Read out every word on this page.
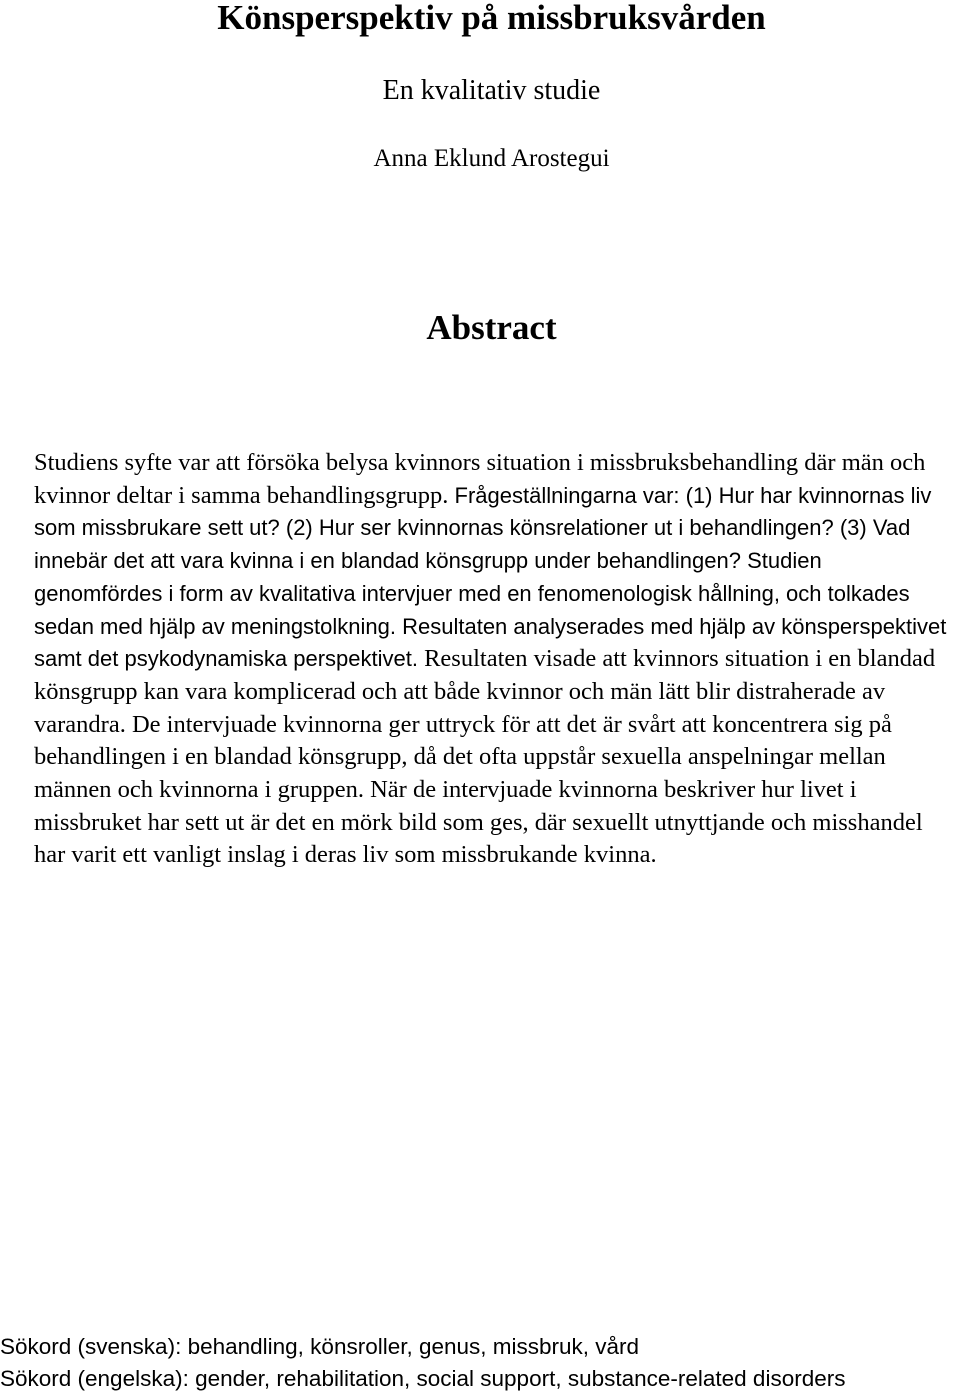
Könsperspektiv på missbruksvården
En kvalitativ studie
Anna Eklund Arostegui
Abstract

Studiens syfte var att försöka belysa kvinnors situation i missbruksbehandling där män och kvinnor deltar i samma behandlingsgrupp. Frågeställningarna var: (1) Hur har kvinnornas liv som missbrukare sett ut? (2) Hur ser kvinnornas könsrelationer ut i behandlingen? (3) Vad innebär det att vara kvinna i en blandad könsgrupp under behandlingen? Studien genomfördes i form av kvalitativa intervjuer med en fenomenologisk hållning, och tolkades sedan med hjälp av meningstolkning. Resultaten analyserades med hjälp av könsperspektivet samt det psykodynamiska perspektivet. Resultaten visade att kvinnors situation i en blandad könsgrupp kan vara komplicerad och att både kvinnor och män lätt blir distraherade av varandra. De intervjuade kvinnorna ger uttryck för att det är svårt att koncentrera sig på behandlingen i en blandad könsgrupp, då det ofta uppstår sexuella anspelningar mellan männen och kvinnorna i gruppen. När de intervjuade kvinnorna beskriver hur livet i missbruket har sett ut är det en mörk bild som ges, där sexuellt utnyttjande och misshandel har varit ett vanligt inslag i deras liv som missbrukande kvinna.

Sökord (svenska): behandling, könsroller, genus, missbruk, vård
Sökord (engelska): gender, rehabilitation, social support, substance-related disorders
